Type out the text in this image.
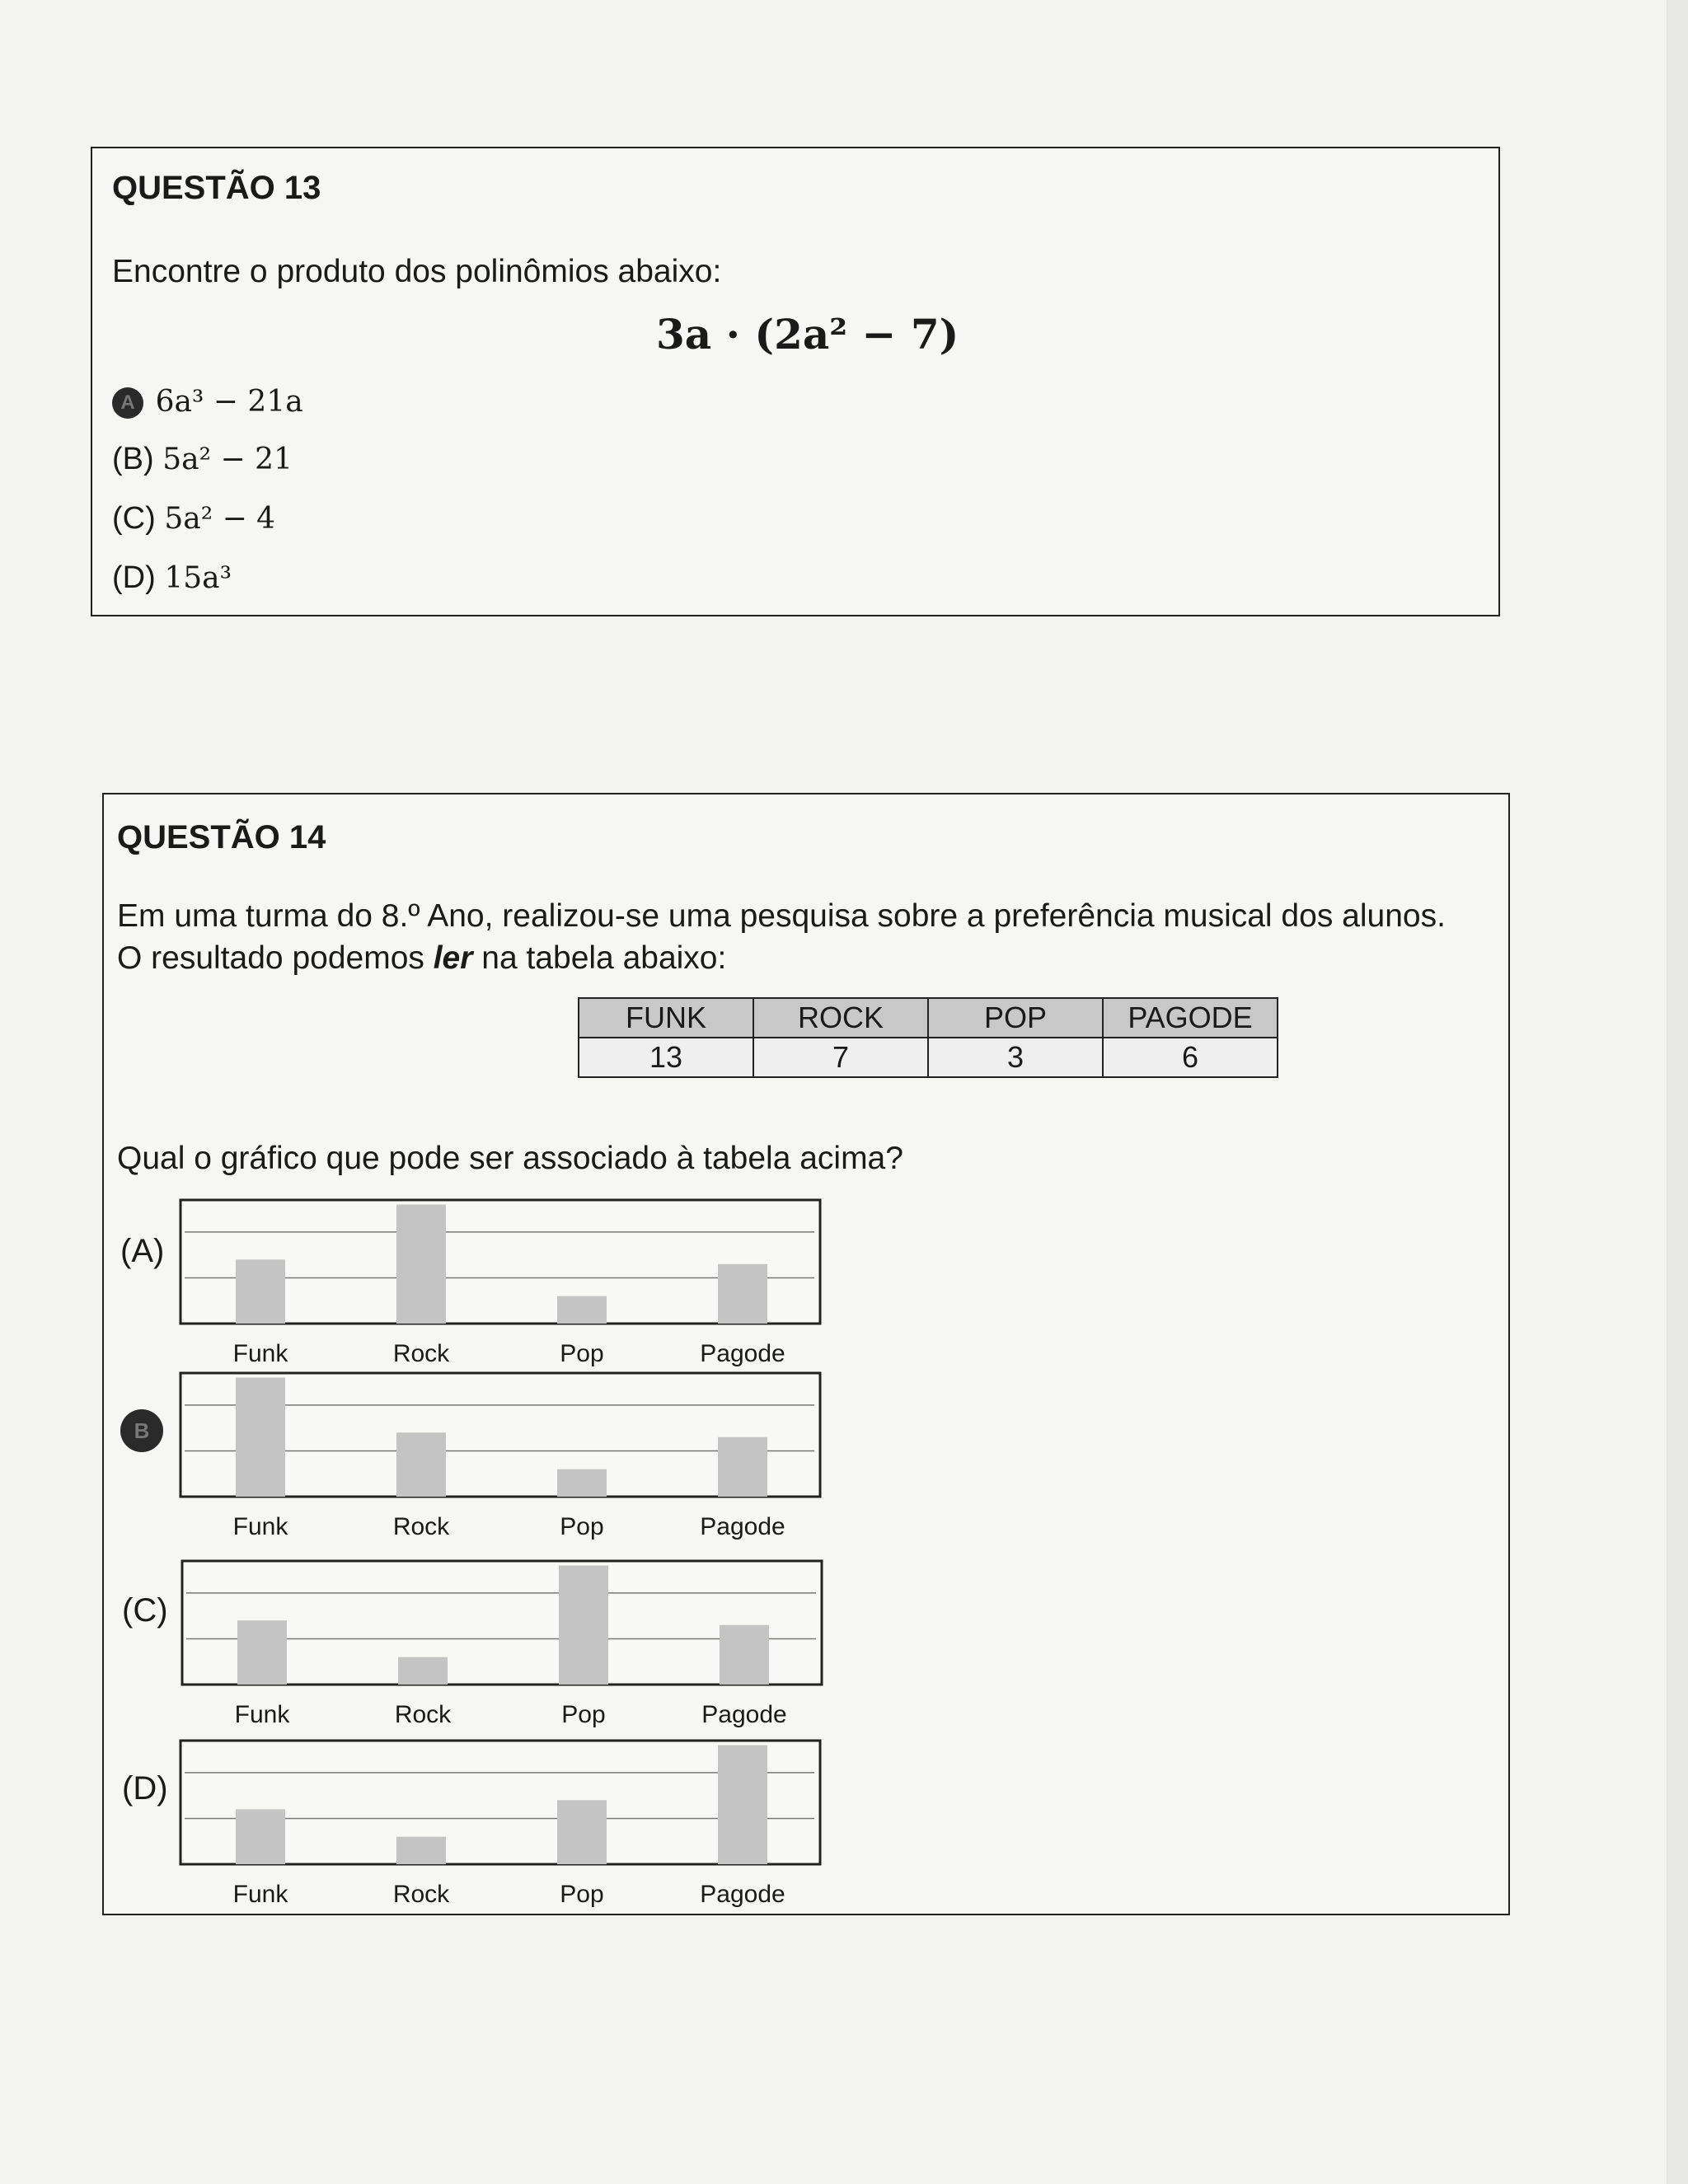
QUESTÃO 13
Encontre o produto dos polinômios abaixo:
3a · (2a² − 7)
A 6a³ − 21a
(B) 5a² − 21
(C) 5a² − 4
(D) 15a³
QUESTÃO 14
Em uma turma do 8.º Ano, realizou-se uma pesquisa sobre a preferência musical dos alunos.
O resultado podemos ler na tabela abaixo:
FUNK	ROCK	POP	PAGODE
13	7	3	6
Qual o gráfico que pode ser associado à tabela acima?
(A)
B
(C)
(D)
Funk	Rock	Pop	Pagode
Funk	Rock	Pop	Pagode
Funk	Rock	Pop	Pagode
Funk	Rock	Pop	Pagode
